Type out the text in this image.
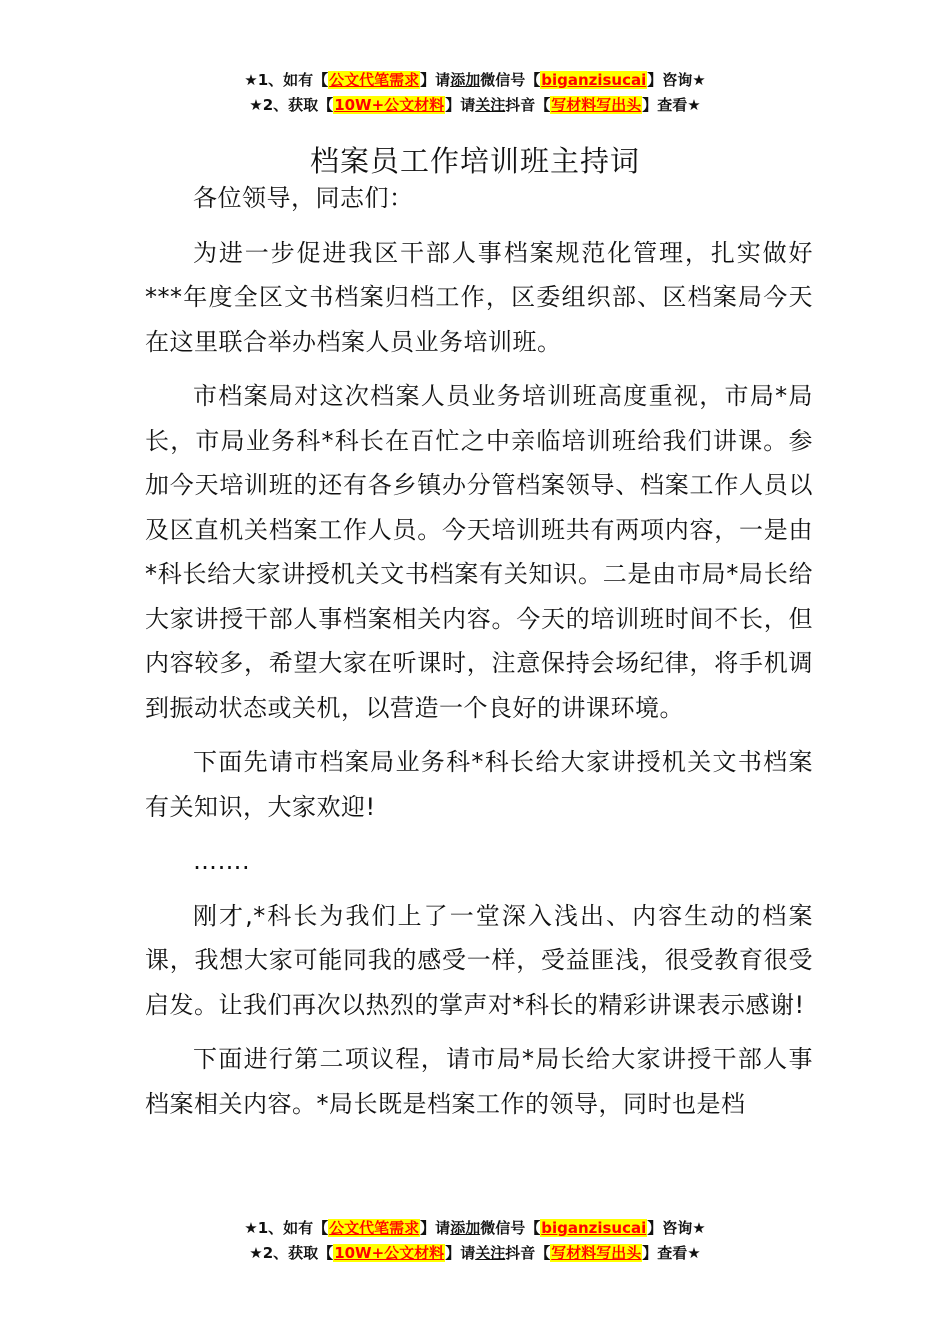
★1、如有【公文代笔需求】请添加微信号【biganzisucai】咨询★
★2、获取【10W+公文材料】请关注抖音【写材料写出头】查看★
档案员工作培训班主持词

各位领导，同志们：

为进一步促进我区干部人事档案规范化管理，扎实做好***年度全区文书档案归档工作，区委组织部、区档案局今天在这里联合举办档案人员业务培训班。

市档案局对这次档案人员业务培训班高度重视，市局*局长，市局业务科*科长在百忙之中亲临培训班给我们讲课。参加今天培训班的还有各乡镇办分管档案领导、档案工作人员以及区直机关档案工作人员。今天培训班共有两项内容，一是由*科长给大家讲授机关文书档案有关知识。二是由市局*局长给大家讲授干部人事档案相关内容。今天的培训班时间不长，但内容较多，希望大家在听课时，注意保持会场纪律，将手机调到振动状态或关机，以营造一个良好的讲课环境。

下面先请市档案局业务科*科长给大家讲授机关文书档案有关知识，大家欢迎!

…….

刚才,*科长为我们上了一堂深入浅出、内容生动的档案课，我想大家可能同我的感受一样，受益匪浅，很受教育很受启发。让我们再次以热烈的掌声对*科长的精彩讲课表示感谢!

下面进行第二项议程，请市局*局长给大家讲授干部人事档案相关内容。*局长既是档案工作的领导，同时也是档

★1、如有【公文代笔需求】请添加微信号【biganzisucai】咨询★
★2、获取【10W+公文材料】请关注抖音【写材料写出头】查看★
